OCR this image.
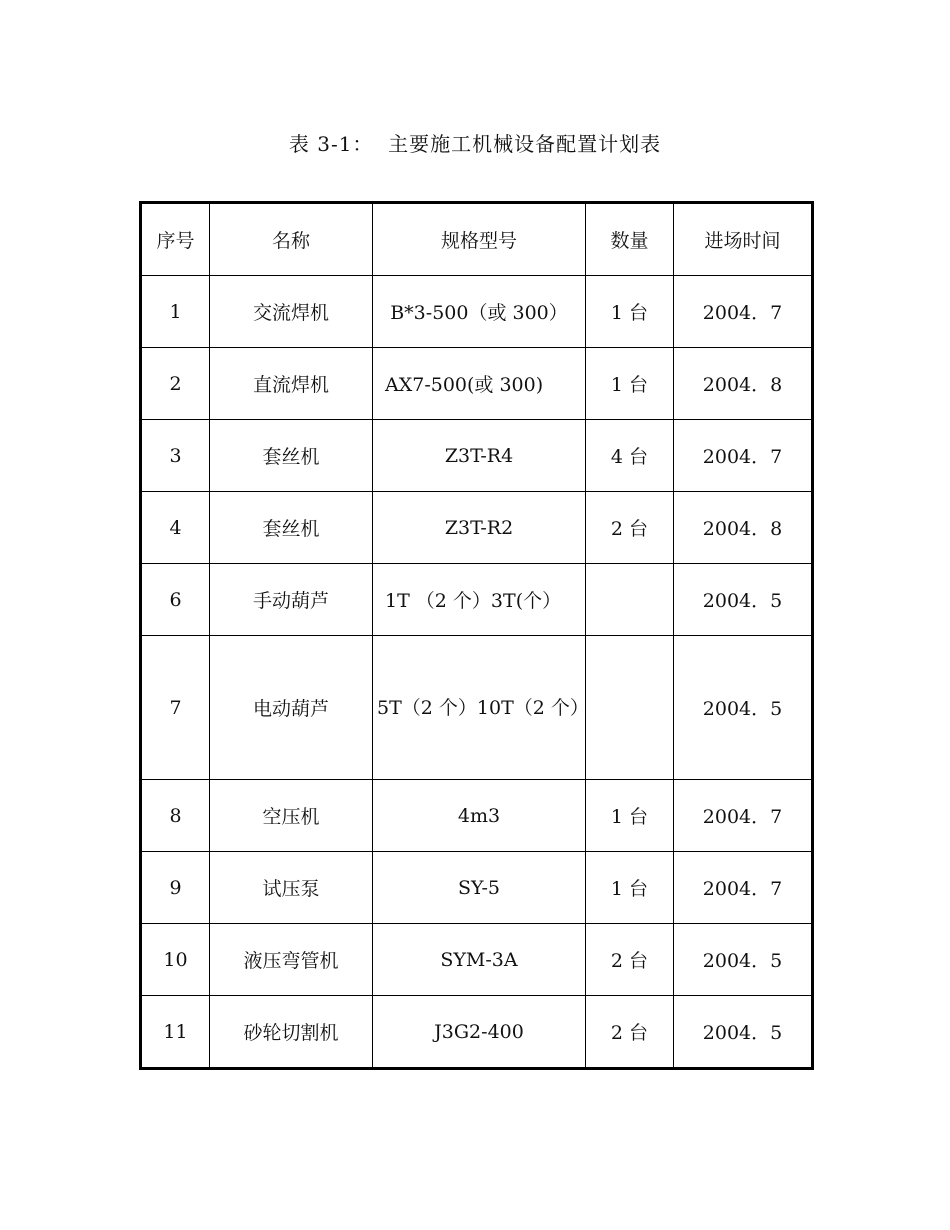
表 3-1：  主要施工机械设备配置计划表
序号	名称	规格型号	数量	进场时间
1	交流焊机	B*3-500（或 300）	1 台	2004．7
2	直流焊机	AX7-500(或 300)	1 台	2004．8
3	套丝机	Z3T-R4	4 台	2004．7
4	套丝机	Z3T-R2	2 台	2004．8
6	手动葫芦	1T （2 个）3T(个）		2004．5
7	电动葫芦	5T（2 个）10T（2 个）		2004．5
8	空压机	4m3	1 台	2004．7
9	试压泵	SY-5	1 台	2004．7
10	液压弯管机	SYM-3A	2 台	2004．5
11	砂轮切割机	J3G2-400	2 台	2004．5
